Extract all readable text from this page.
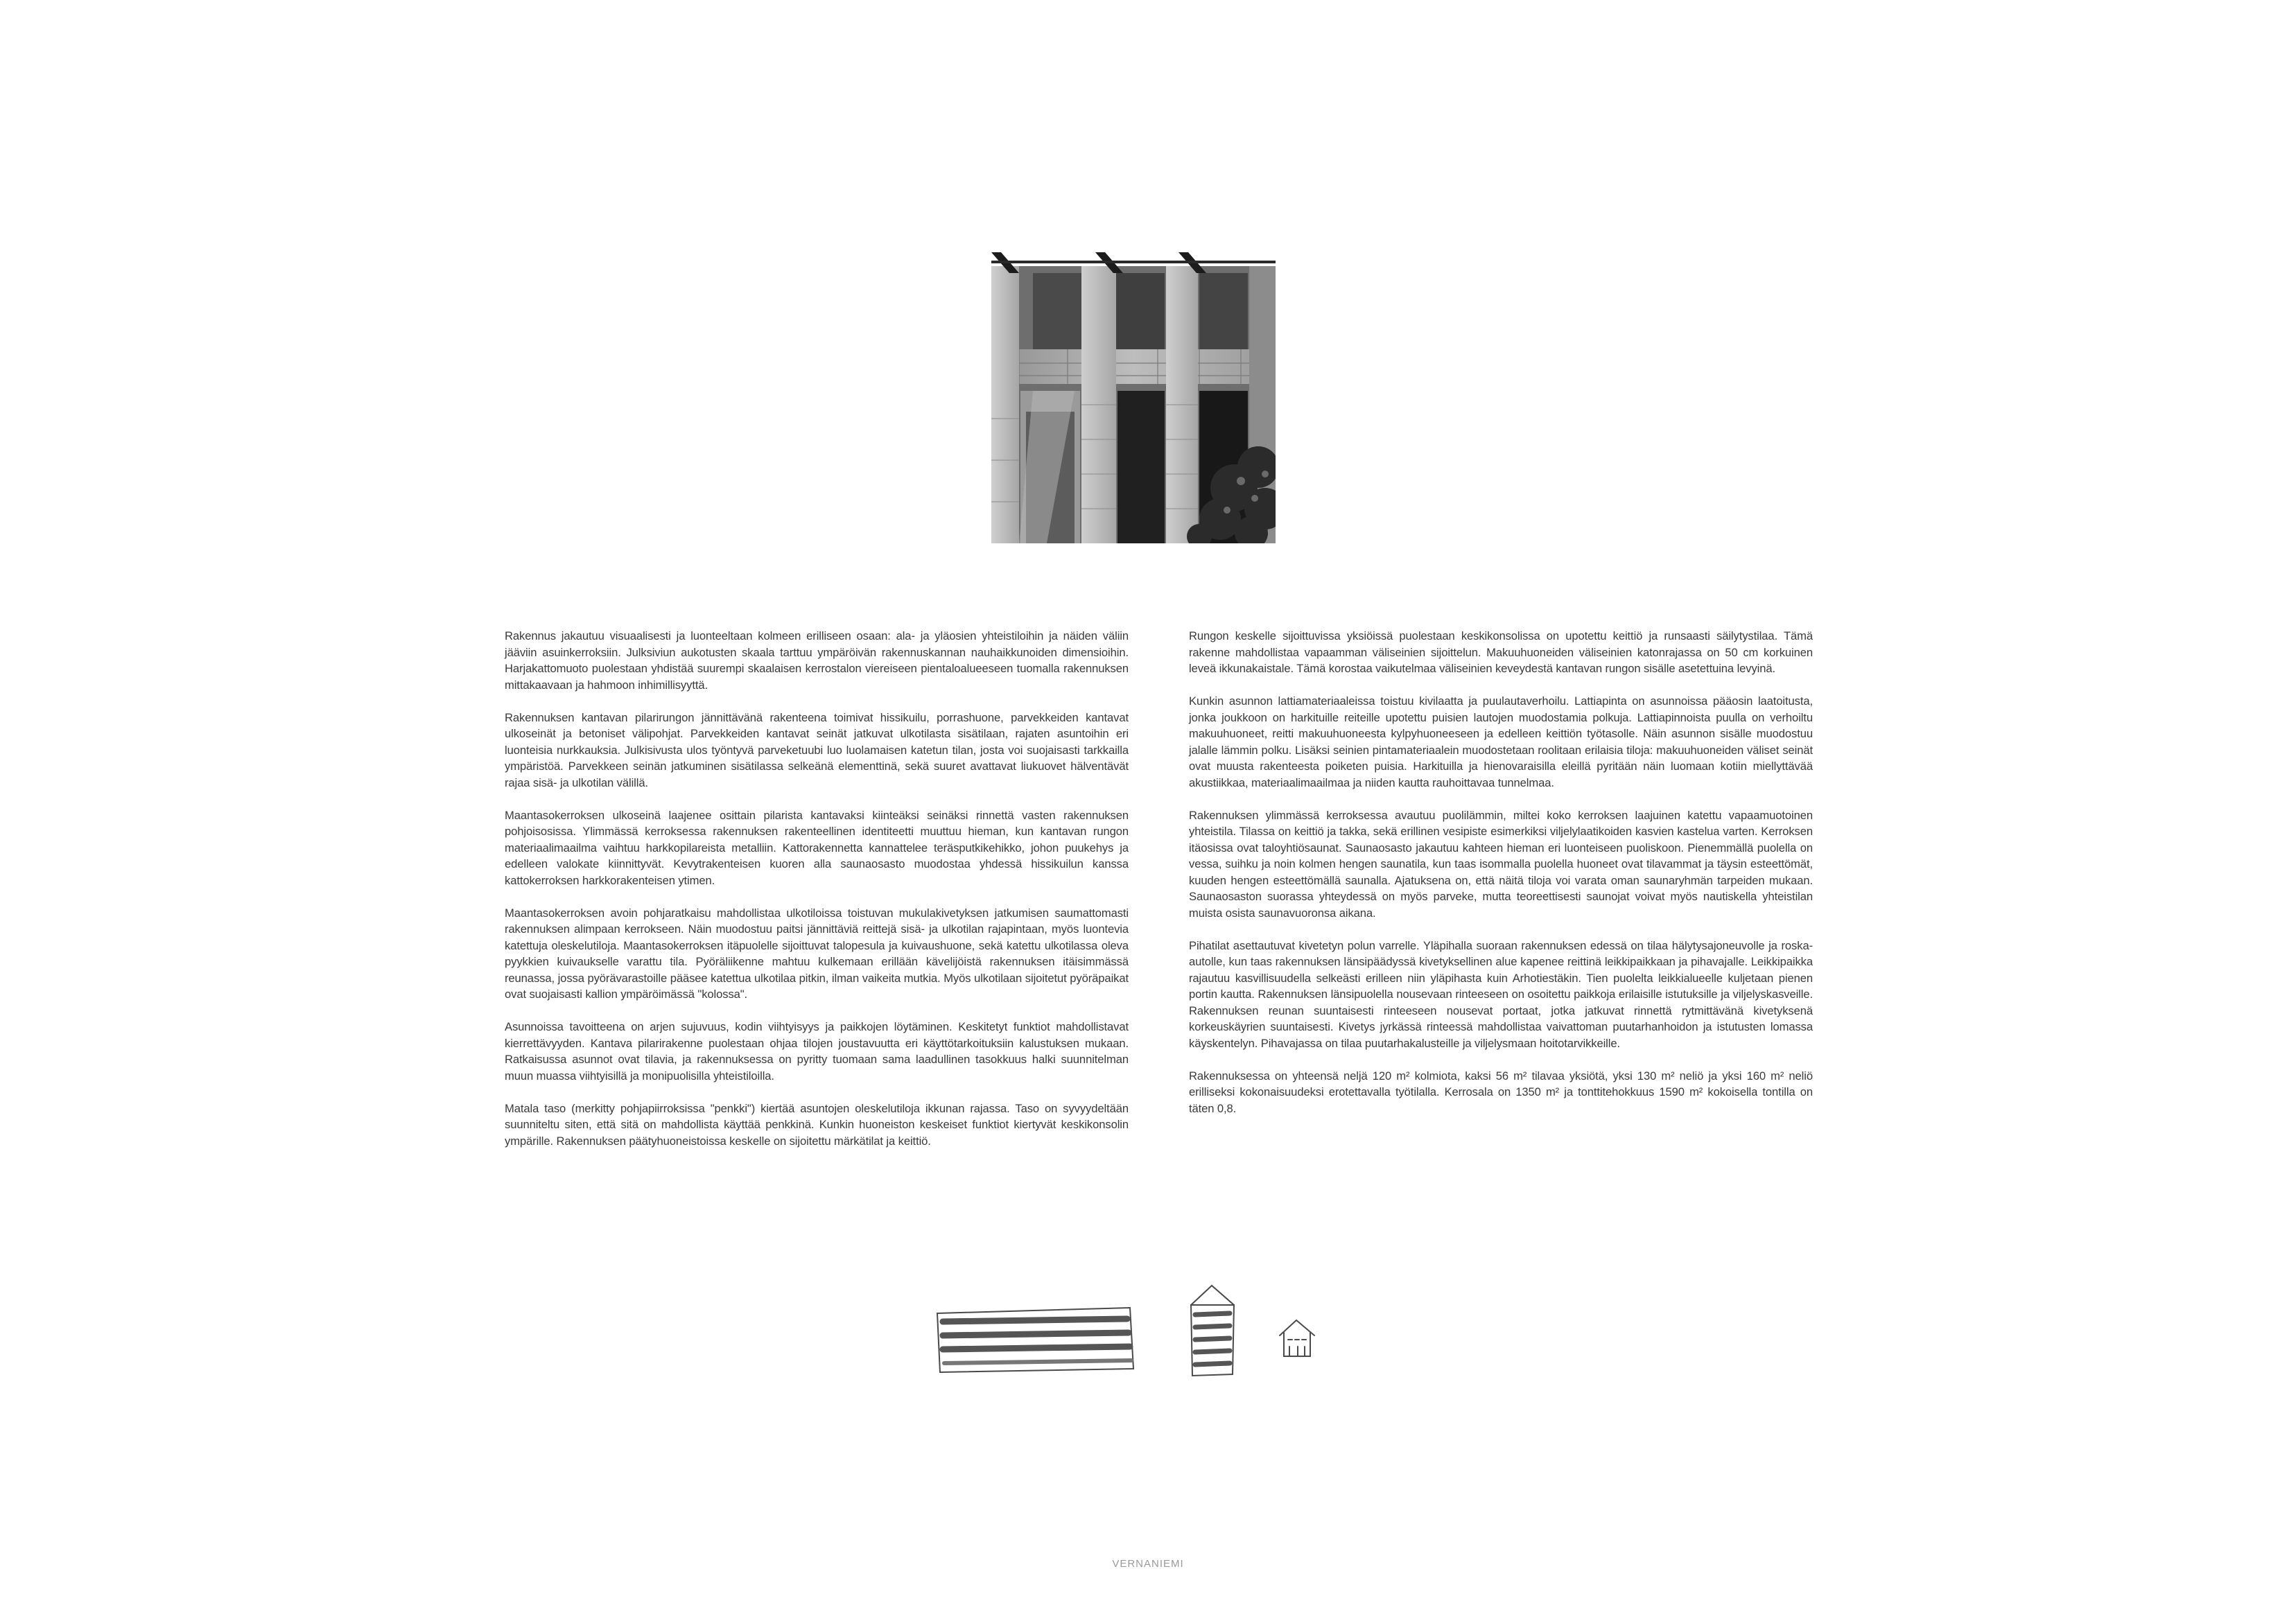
Rakennus jakautuu visuaalisesti ja luonteeltaan kolmeen erilliseen osaan: ala- ja yläosien yhteistiloihin ja näiden väliin jääviin asuinkerroksiin. Julksiviun aukotusten skaala tarttuu ympäröivän rakennuskannan nauhaikkunoiden dimensioihin. Harjakattomuoto puolestaan yhdistää suurempi skaalaisen kerrostalon viereiseen pientaloalueeseen tuomalla rakennuksen mittakaavaan ja hahmoon inhimillisyyttä.

Rakennuksen kantavan pilarirungon jännittävänä rakenteena toimivat hissikuilu, porrashuone, parvekkeiden kantavat ulkoseinät ja betoniset välipohjat. Parvekkeiden kantavat seinät jatkuvat ulkotilasta sisätilaan, rajaten asuntoihin eri luonteisia nurkkauksia. Julkisivusta ulos työntyvä parveketuubi luo luolamaisen katetun tilan, josta voi suojaisasti tarkkailla ympäristöä. Parvekkeen seinän jatkuminen sisätilassa selkeänä elementtinä, sekä suuret avattavat liukuovet hälventävät rajaa sisä- ja ulkotilan välillä.

Maantasokerroksen ulkoseinä laajenee osittain pilarista kantavaksi kiinteäksi seinäksi rinnettä vasten rakennuksen pohjoisosissa. Ylimmässä kerroksessa rakennuksen rakenteellinen identiteetti muuttuu hieman, kun kantavan rungon materiaalimaailma vaihtuu harkkopilareista metalliin. Kattorakennetta kannattelee teräsputkikehikko, johon puukehys ja edelleen valokate kiinnittyvät. Kevytrakenteisen kuoren alla saunaosasto muodostaa yhdessä hissikuilun kanssa kattokerroksen harkkorakenteisen ytimen.

Maantasokerroksen avoin pohjaratkaisu mahdollistaa ulkotiloissa toistuvan mukulakivetyksen jatkumisen saumattomasti rakennuksen alimpaan kerrokseen. Näin muodostuu paitsi jännittäviä reittejä sisä- ja ulkotilan rajapintaan, myös luontevia katettuja oleskelutiloja. Maantasokerroksen itäpuolelle sijoittuvat talopesula ja kuivaushuone, sekä katettu ulkotilassa oleva pyykkien kuivaukselle varattu tila. Pyöräliikenne mahtuu kulkemaan erillään kävelijöistä rakennuksen itäisimmässä reunassa, jossa pyörävarastoille pääsee katettua ulkotilaa pitkin, ilman vaikeita mutkia. Myös ulkotilaan sijoitetut pyöräpaikat ovat suojaisasti kallion ympäröimässä "kolossa".

Asunnoissa tavoitteena on arjen sujuvuus, kodin viihtyisyys ja paikkojen löytäminen. Keskitetyt funktiot mahdollistavat kierrettävyyden. Kantava pilarirakenne puolestaan ohjaa tilojen joustavuutta eri käyttötarkoituksiin kalustuksen mukaan. Ratkaisussa asunnot ovat tilavia, ja rakennuksessa on pyritty tuomaan sama laadullinen tasokkuus halki suunnitelman muun muassa viihtyisillä ja monipuolisilla yhteistiloilla.

Matala taso (merkitty pohjapiirroksissa "penkki") kiertää asuntojen oleskelutiloja ikkunan rajassa. Taso on syvyydeltään suunniteltu siten, että sitä on mahdollista käyttää penkkinä. Kunkin huoneiston keskeiset funktiot kiertyvät keskikonsolin ympärille. Rakennuksen päätyhuoneistoissa keskelle on sijoitettu märkätilat ja keittiö.

Rungon keskelle sijoittuvissa yksiöissä puolestaan keskikonsolissa on upotettu keittiö ja runsaasti säilytystilaa. Tämä rakenne mahdollistaa vapaamman väliseinien sijoittelun. Makuuhuoneiden väliseinien katonrajassa on 50 cm korkuinen leveä ikkunakaistale. Tämä korostaa vaikutelmaa väliseinien keveydestä kantavan rungon sisälle asetettuina levyinä.

Kunkin asunnon lattiamateriaaleissa toistuu kivilaatta ja puulautaverhoilu. Lattiapinta on asunnoissa pääosin laatoitusta, jonka joukkoon on harkituille reiteille upotettu puisien lautojen muodostamia polkuja. Lattiapinnoista puulla on verhoiltu makuuhuoneet, reitti makuuhuoneesta kylpyhuoneeseen ja edelleen keittiön työtasolle. Näin asunnon sisälle muodostuu jalalle lämmin polku. Lisäksi seinien pintamateriaalein muodostetaan roolitaan erilaisia tiloja: makuuhuoneiden väliset seinät ovat muusta rakenteesta poiketen puisia. Harkituilla ja hienovaraisilla eleillä pyritään näin luomaan kotiin miellyttävää akustiikkaa, materiaalimaailmaa ja niiden kautta rauhoittavaa tunnelmaa.

Rakennuksen ylimmässä kerroksessa avautuu puolilämmin, miltei koko kerroksen laajuinen katettu vapaamuotoinen yhteistila. Tilassa on keittiö ja takka, sekä erillinen vesipiste esimerkiksi viljelylaatikoiden kasvien kastelua varten. Kerroksen itäosissa ovat taloyhtiösaunat. Saunaosasto jakautuu kahteen hieman eri luonteiseen puoliskoon. Pienemmällä puolella on vessa, suihku ja noin kolmen hengen saunatila, kun taas isommalla puolella huoneet ovat tilavammat ja täysin esteettömät, kuuden hengen esteettömällä saunalla. Ajatuksena on, että näitä tiloja voi varata oman saunaryhmän tarpeiden mukaan. Saunaosaston suorassa yhteydessä on myös parveke, mutta teoreettisesti saunojat voivat myös nautiskella yhteistilan muista osista saunavuoronsa aikana.

Pihatilat asettautuvat kivetetyn polun varrelle. Yläpihalla suoraan rakennuksen edessä on tilaa hälytysajoneuvolle ja roska-autolle, kun taas rakennuksen länsipäädyssä kivetyksellinen alue kapenee reittinä leikkipaikkaan ja pihavajalle. Leikkipaikka rajautuu kasvillisuudella selkeästi erilleen niin yläpihasta kuin Arhotiestäkin. Tien puolelta leikkialueelle kuljetaan pienen portin kautta. Rakennuksen länsipuolella nousevaan rinteeseen on osoitettu paikkoja erilaisille istutuksille ja viljelyskasveille. Rakennuksen reunan suuntaisesti rinteeseen nousevat portaat, jotka jatkuvat rinnettä rytmittävänä kivetyksenä korkeuskäyrien suuntaisesti. Kivetys jyrkässä rinteessä mahdollistaa vaivattoman puutarhanhoidon ja istutusten lomassa käyskentelyn. Pihavajassa on tilaa puutarhakalusteille ja viljelysmaan hoitotarvikkeille.

Rakennuksessa on yhteensä neljä 120 m² kolmiota, kaksi 56 m² tilavaa yksiötä, yksi 130 m² neliö ja yksi 160 m² neliö erilliseksi kokonaisuudeksi erotettavalla työtilalla. Kerrosala on 1350 m² ja tonttitehokkuus 1590 m² kokoisella tontilla on täten 0,8.

VERNANIEMI
